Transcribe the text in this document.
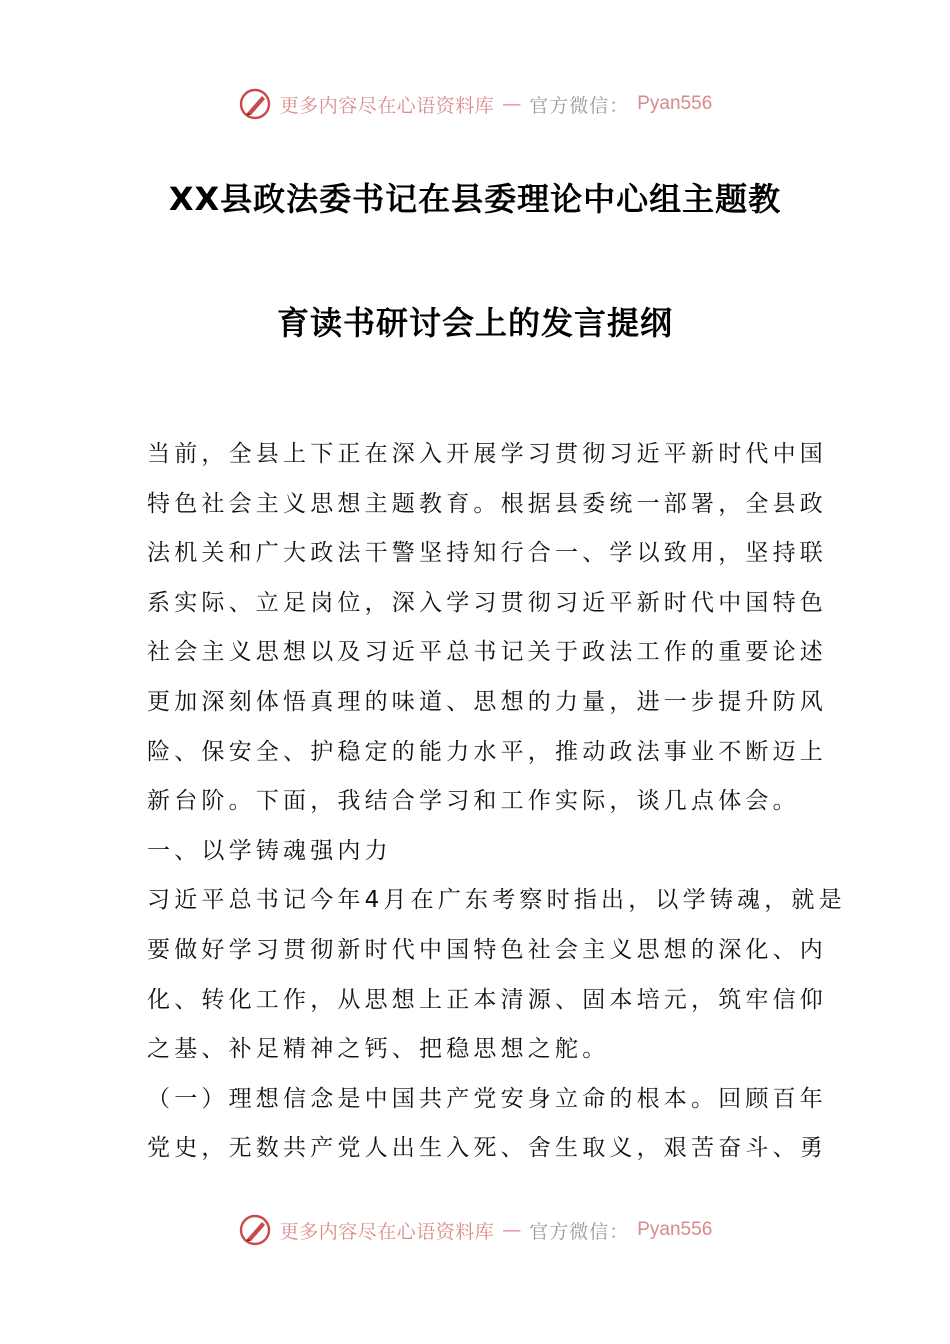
更多内容尽在心语资料库 — 官方微信： Pyan556
XX县政法委书记在县委理论中心组主题教
育读书研讨会上的发言提纲
当前，全县上下正在深入开展学习贯彻习近平新时代中国
特色社会主义思想主题教育。根据县委统一部署，全县政
法机关和广大政法干警坚持知行合一、学以致用，坚持联
系实际、立足岗位，深入学习贯彻习近平新时代中国特色
社会主义思想以及习近平总书记关于政法工作的重要论述
更加深刻体悟真理的味道、思想的力量，进一步提升防风
险、保安全、护稳定的能力水平，推动政法事业不断迈上
新台阶。下面，我结合学习和工作实际，谈几点体会。
一、以学铸魂强内力
习近平总书记今年4月在广东考察时指出，以学铸魂，就是
要做好学习贯彻新时代中国特色社会主义思想的深化、内
化、转化工作，从思想上正本清源、固本培元，筑牢信仰
之基、补足精神之钙、把稳思想之舵。
（一）理想信念是中国共产党安身立命的根本。回顾百年
党史，无数共产党人出生入死、舍生取义，艰苦奋斗、勇
更多内容尽在心语资料库 — 官方微信： Pyan556
